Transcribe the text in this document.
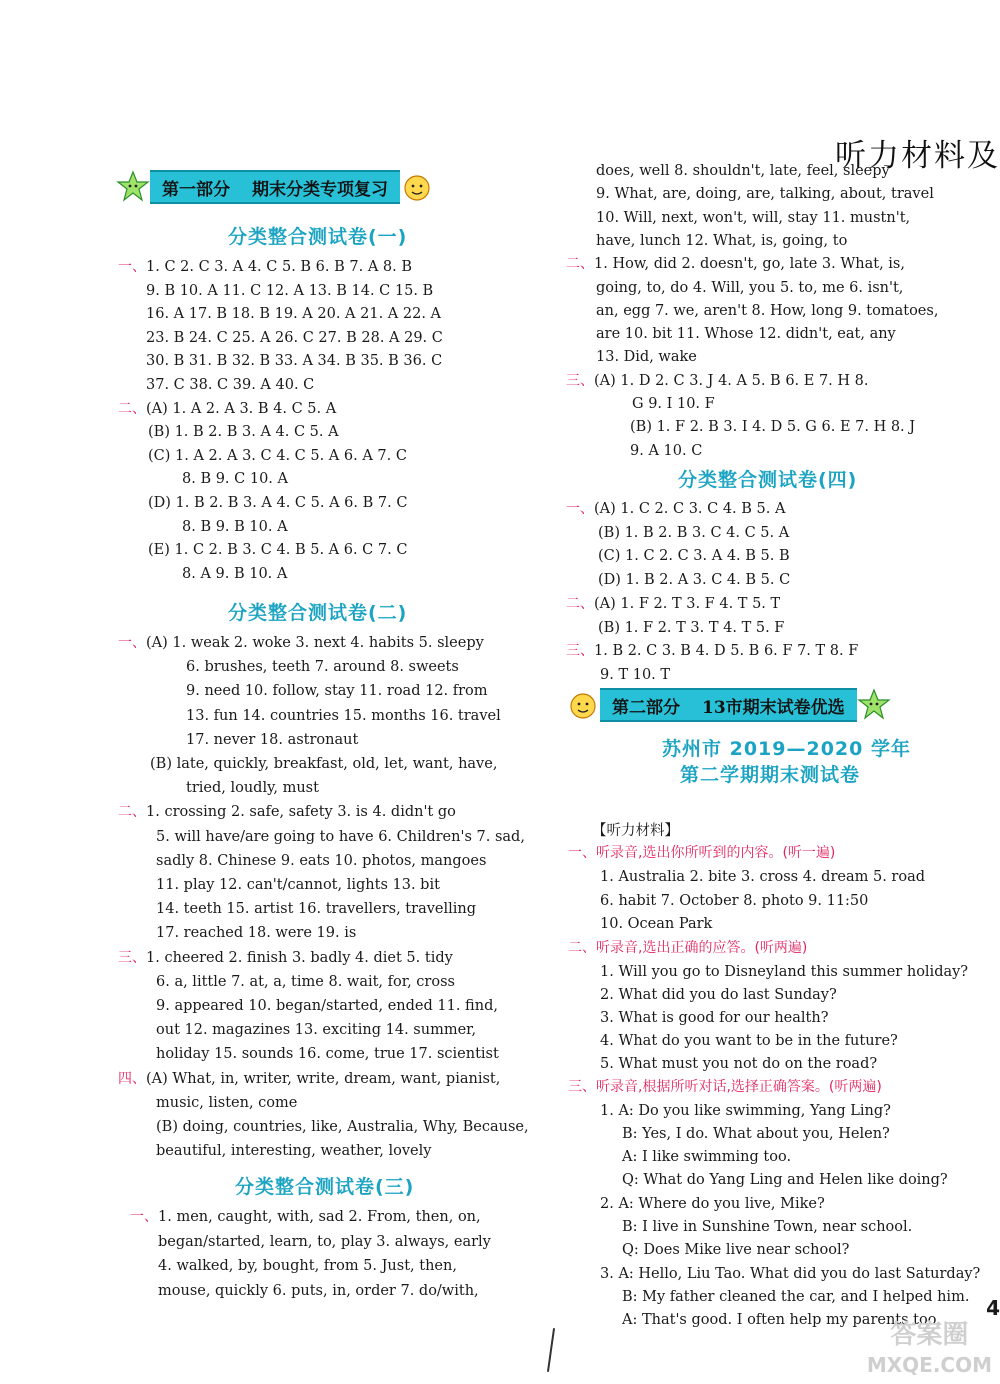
听力材料及
第一部分 期末分类专项复习
分类整合测试卷(一)
一、1. C 2. C 3. A 4. C 5. B 6. B 7. A 8. B
9. B 10. A 11. C 12. A 13. B 14. C 15. B
16. A 17. B 18. B 19. A 20. A 21. A 22. A
23. B 24. C 25. A 26. C 27. B 28. A 29. C
30. B 31. B 32. B 33. A 34. B 35. B 36. C
37. C 38. C 39. A 40. C
二、(A) 1. A 2. A 3. B 4. C 5. A
(B) 1. B 2. B 3. A 4. C 5. A
(C) 1. A 2. A 3. C 4. C 5. A 6. A 7. C
8. B 9. C 10. A
(D) 1. B 2. B 3. A 4. C 5. A 6. B 7. C
8. B 9. B 10. A
(E) 1. C 2. B 3. C 4. B 5. A 6. C 7. C
8. A 9. B 10. A
分类整合测试卷(二)
一、(A) 1. weak 2. woke 3. next 4. habits 5. sleepy
6. brushes, teeth 7. around 8. sweets
9. need 10. follow, stay 11. road 12. from
13. fun 14. countries 15. months 16. travel
17. never 18. astronaut
(B) late, quickly, breakfast, old, let, want, have,
tried, loudly, must
二、1. crossing 2. safe, safety 3. is 4. didn't go
5. will have/are going to have 6. Children's 7. sad,
sadly 8. Chinese 9. eats 10. photos, mangoes
11. play 12. can't/cannot, lights 13. bit
14. teeth 15. artist 16. travellers, travelling
17. reached 18. were 19. is
三、1. cheered 2. finish 3. badly 4. diet 5. tidy
6. a, little 7. at, a, time 8. wait, for, cross
9. appeared 10. began/started, ended 11. find,
out 12. magazines 13. exciting 14. summer,
holiday 15. sounds 16. come, true 17. scientist
四、(A) What, in, writer, write, dream, want, pianist,
music, listen, come
(B) doing, countries, like, Australia, Why, Because,
beautiful, interesting, weather, lovely
分类整合测试卷(三)
一、1. men, caught, with, sad 2. From, then, on,
began/started, learn, to, play 3. always, early
4. walked, by, bought, from 5. Just, then,
mouse, quickly 6. puts, in, order 7. do/with,
does, well 8. shouldn't, late, feel, sleepy
9. What, are, doing, are, talking, about, travel
10. Will, next, won't, will, stay 11. mustn't,
have, lunch 12. What, is, going, to
二、1. How, did 2. doesn't, go, late 3. What, is,
going, to, do 4. Will, you 5. to, me 6. isn't,
an, egg 7. we, aren't 8. How, long 9. tomatoes,
are 10. bit 11. Whose 12. didn't, eat, any
13. Did, wake
三、(A) 1. D 2. C 3. J 4. A 5. B 6. E 7. H 8.
G 9. I 10. F
(B) 1. F 2. B 3. I 4. D 5. G 6. E 7. H 8. J
9. A 10. C
分类整合测试卷(四)
一、(A) 1. C 2. C 3. C 4. B 5. A
(B) 1. B 2. B 3. C 4. C 5. A
(C) 1. C 2. C 3. A 4. B 5. B
(D) 1. B 2. A 3. C 4. B 5. C
二、(A) 1. F 2. T 3. F 4. T 5. T
(B) 1. F 2. T 3. T 4. T 5. F
三、1. B 2. C 3. B 4. D 5. B 6. F 7. T 8. F
9. T 10. T
第二部分 13市期末试卷优选
苏州市 2019—2020 学年
第二学期期末测试卷
【听力材料】
一、听录音,选出你所听到的内容。(听一遍)
1. Australia 2. bite 3. cross 4. dream 5. road
6. habit 7. October 8. photo 9. 11:50
10. Ocean Park
二、听录音,选出正确的应答。(听两遍)
1. Will you go to Disneyland this summer holiday?
2. What did you do last Sunday?
3. What is good for our health?
4. What do you want to be in the future?
5. What must you not do on the road?
三、听录音,根据所听对话,选择正确答案。(听两遍)
1. A: Do you like swimming, Yang Ling?
B: Yes, I do. What about you, Helen?
A: I like swimming too.
Q: What do Yang Ling and Helen like doing?
2. A: Where do you live, Mike?
B: I live in Sunshine Town, near school.
Q: Does Mike live near school?
3. A: Hello, Liu Tao. What did you do last Saturday?
B: My father cleaned the car, and I helped him.
A: That's good. I often help my parents too.
4
答案圈
MXQE.COM
